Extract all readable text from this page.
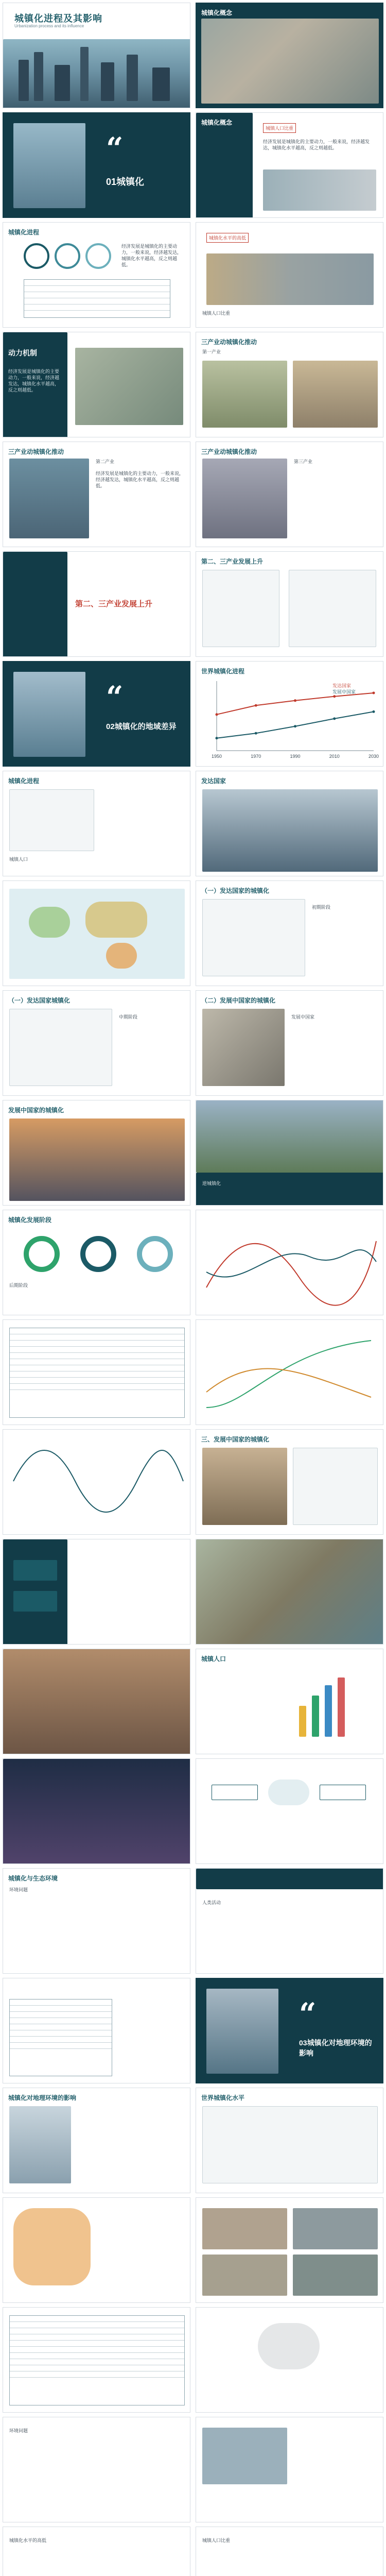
城镇化进程及其影响
Urbanization process and its influence
城镇化概念
“
01城镇化
城镇化概念
城镇人口比重
经济发展是城镇化的主要动力，一般来说，经济越发达，城镇化水平越高，反之则越低。
城镇化进程
经济发展是城镇化的主要动力，一般来说，经济越发达，城镇化水平越高，反之则越低。
城镇化水平的高低
城镇人口比重
动力机制
经济发展是城镇化的主要动力，一般来说，经济越发达，城镇化水平越高，反之则越低。
三产业动城镇化推动
第一产业
三产业动城镇化推动
第二产业
经济发展是城镇化的主要动力，一般来说，经济越发达，城镇化水平越高，反之则越低。
三产业动城镇化推动
第三产业
第二、三产业发展上升
第二、三产业发展上升
“
02城镇化的地域差异
世界城镇化进程
1950	1970	1990	2010	2030
发达国家
发展中国家
城镇化进程
城镇人口
发达国家
（一）发达国家的城镇化
初期阶段
（一）发达国家城镇化
中期阶段
（二）发展中国家的城镇化
发展中国家
发展中国家的城镇化
逆城镇化
城镇化发展阶段
后期阶段
三、发展中国家的城镇化
城镇人口
城镇化与生态环境
环境问题
人类活动
“
03城镇化对地理环境的影响
城镇化对地理环境的影响	世界城镇化水平
环境问题
城镇化水平的高低	城镇人口比重
